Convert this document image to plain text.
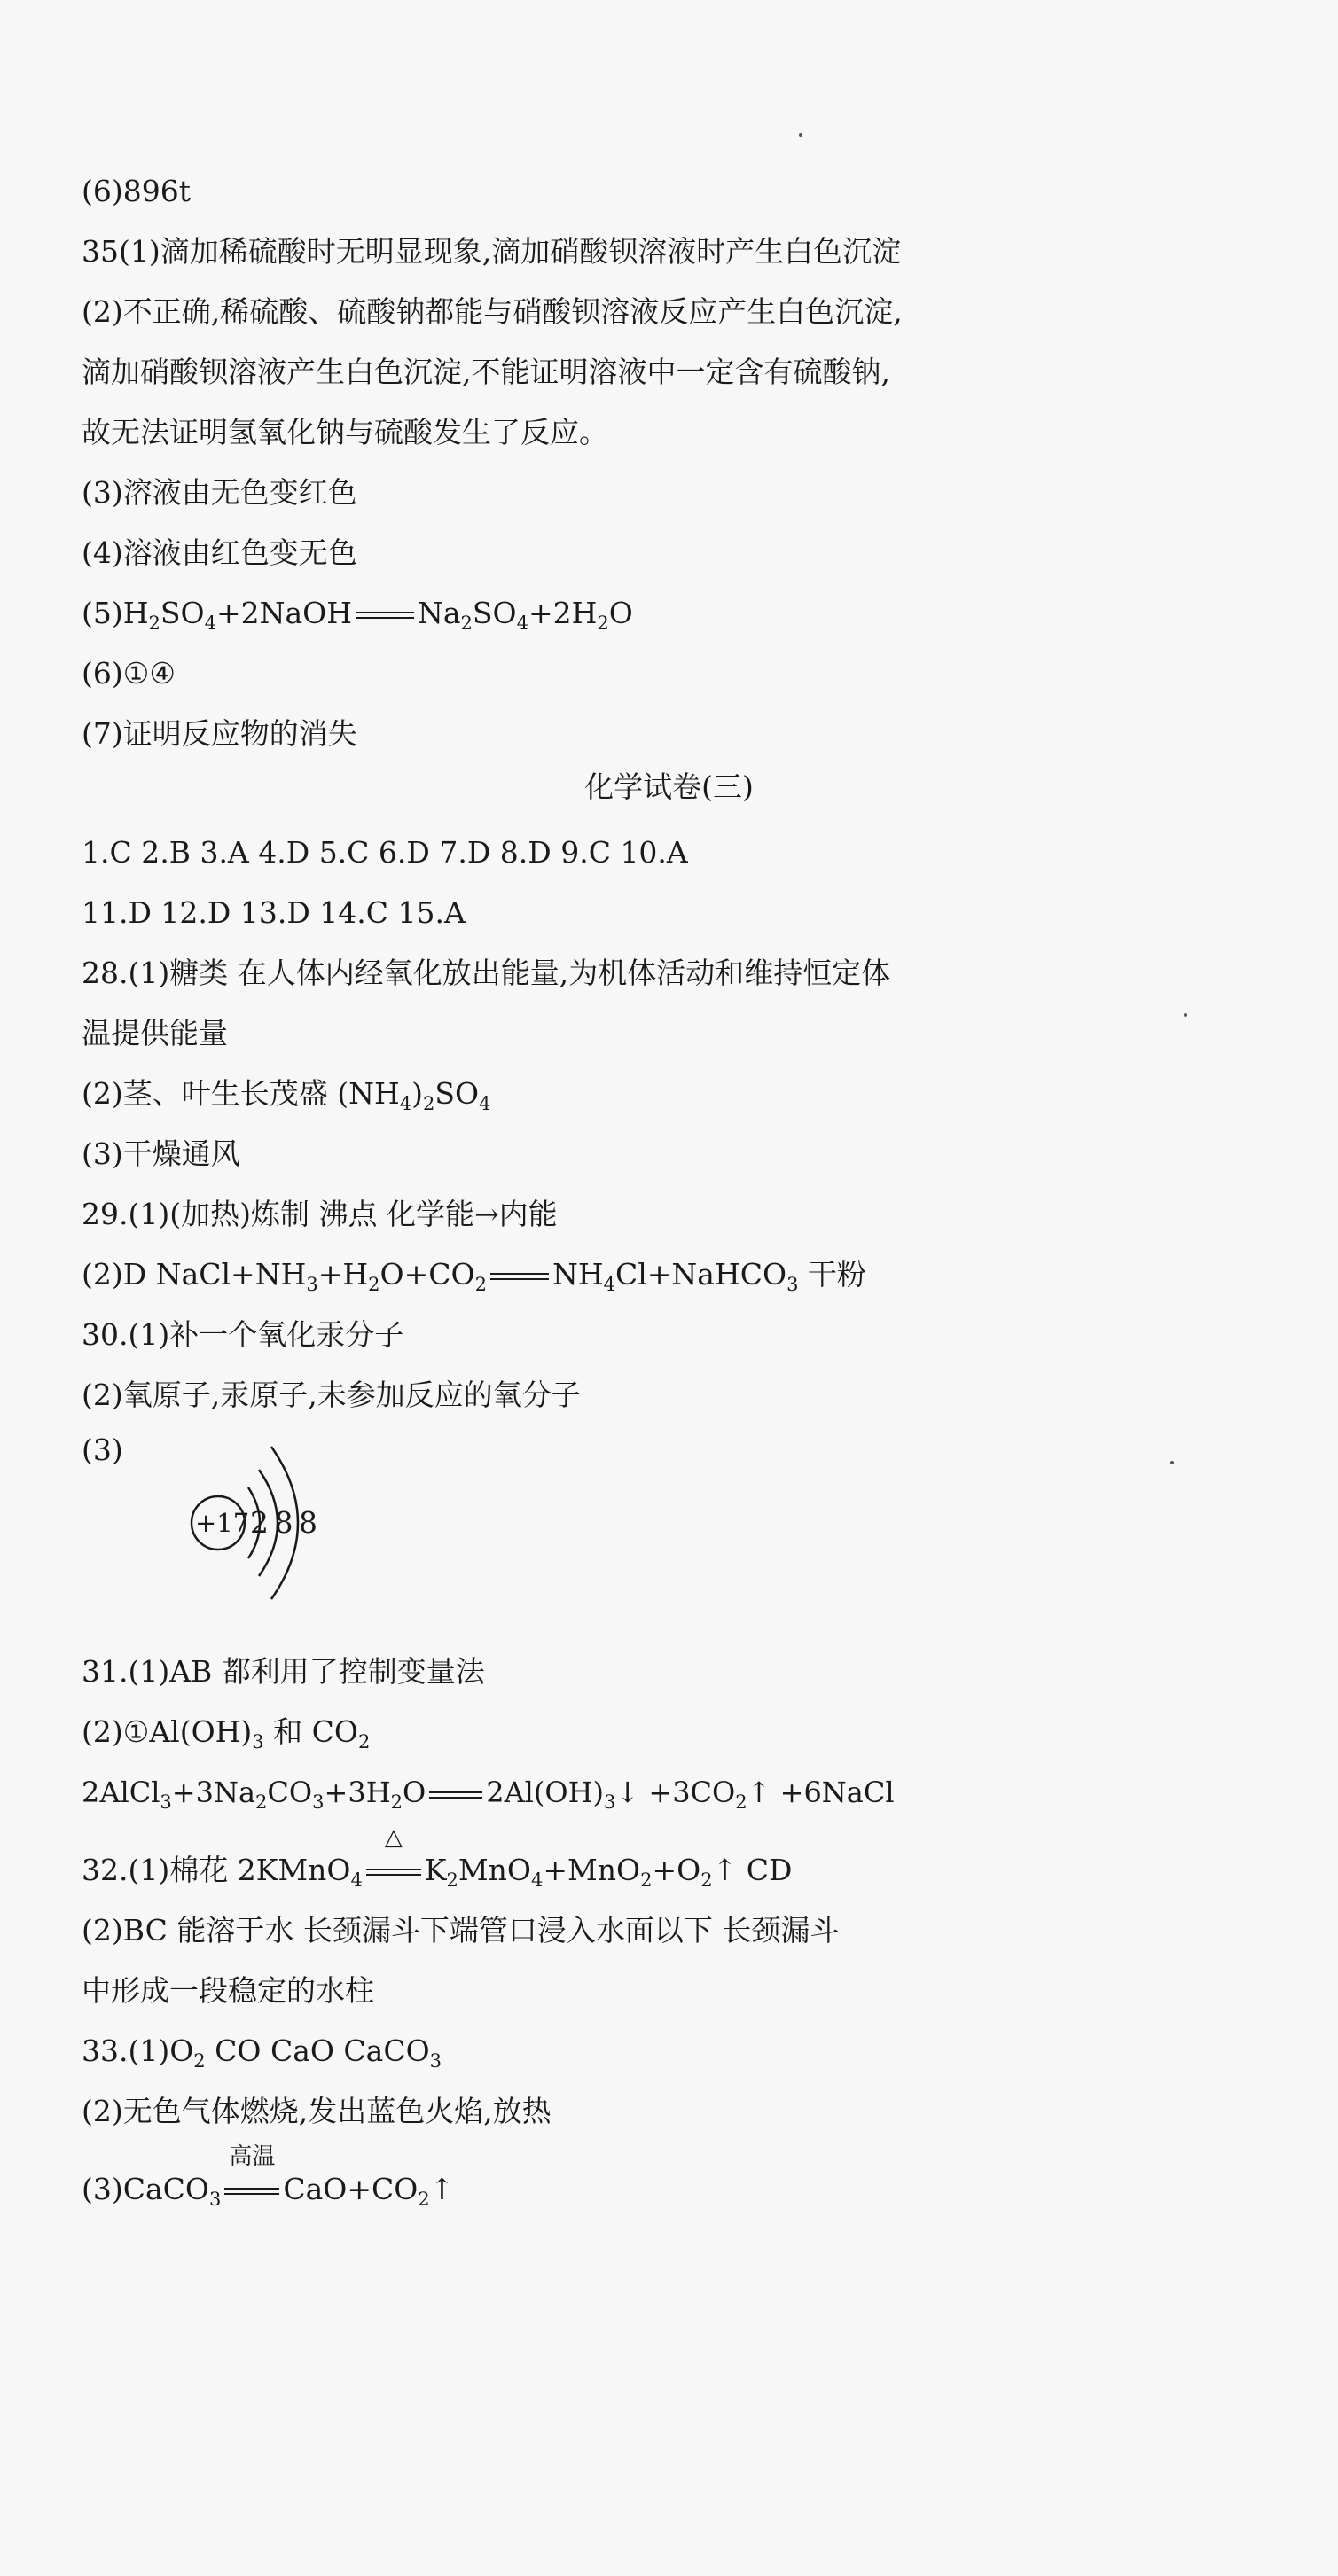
(6)896t
35(1)滴加稀硫酸时无明显现象,滴加硝酸钡溶液时产生白色沉淀
(2)不正确,稀硫酸、硫酸钠都能与硝酸钡溶液反应产生白色沉淀,
滴加硝酸钡溶液产生白色沉淀,不能证明溶液中一定含有硫酸钠,
故无法证明氢氧化钠与硫酸发生了反应。
(3)溶液由无色变红色
(4)溶液由红色变无色
$(5)H_2SO_4+2NaOH$ $Na_2SO_4+2H_2O$
(6)①④
(7)证明反应物的消失
化学试卷(三)
1.C 2.B 3.A 4.D 5.C 6.D 7.D 8.D 9.C 10.A
11.D 12.D 13.D 14.C 15.A
28.(1)糖类 在人体内经氧化放出能量,为机体活动和维持恒定体
温提供能量
(2)茎、叶生长茂盛 $(NH_4)_2SO_4$
(3)干燥通风
29.(1)(加热)炼制 沸点 化学能→内能
(2)D $NaCl+NH_3+H_2O+CO_2$ $NH_4Cl+NaHCO_3$ 干粉
30.(1)补一个氧化汞分子
(2)氧原子,汞原子,未参加反应的氧分子
(3)
+17 2 8 8
31.(1)AB 都利用了控制变量法
$(2)①Al(OH)_3$ 和 $CO_2$
$2AlCl_3+3Na_2CO_3+3H_2O$ $2Al(OH)_3↓$ $+3CO_2↑$ +6NaCl
32.(1)棉花 2KMnO$_4$
△
$K_2MnO_4+MnO_2+O_2↑$ CD
(2)BC 能溶于水 长颈漏斗下端管口浸入水面以下 长颈漏斗
中形成一段稳定的水柱
$33.(1)O_2$ CO CaO CaCO$_3$
(2)无色气体燃烧,发出蓝色火焰,放热
(3)CaCO$_3$
高温
$CaO+CO_2↑$
